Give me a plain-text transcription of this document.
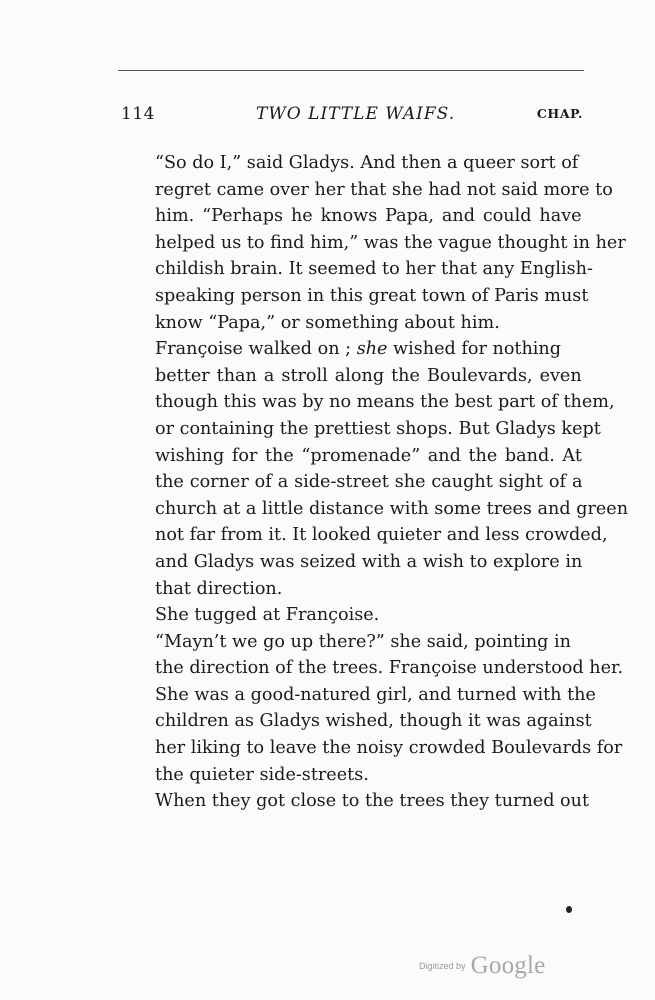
114	TWO LITTLE WAIFS.	CHAP.

“So do I,” said Gladys. And then a queer sort of
regret came over her that she had not said more to
him. “Perhaps he knows Papa, and could have
helped us to find him,” was the vague thought in her
childish brain. It seemed to her that any English-
speaking person in this great town of Paris must
know “Papa,” or something about him.

Françoise walked on ; she wished for nothing
better than a stroll along the Boulevards, even
though this was by no means the best part of them,
or containing the prettiest shops. But Gladys kept
wishing for the “promenade” and the band. At
the corner of a side-street she caught sight of a
church at a little distance with some trees and green
not far from it. It looked quieter and less crowded,
and Gladys was seized with a wish to explore in
that direction.

She tugged at Françoise.

“Mayn’t we go up there?” she said, pointing in
the direction of the trees. Françoise understood her.
She was a good-natured girl, and turned with the
children as Gladys wished, though it was against
her liking to leave the noisy crowded Boulevards for
the quieter side-streets.

When they got close to the trees they turned out

Digitized by Google
